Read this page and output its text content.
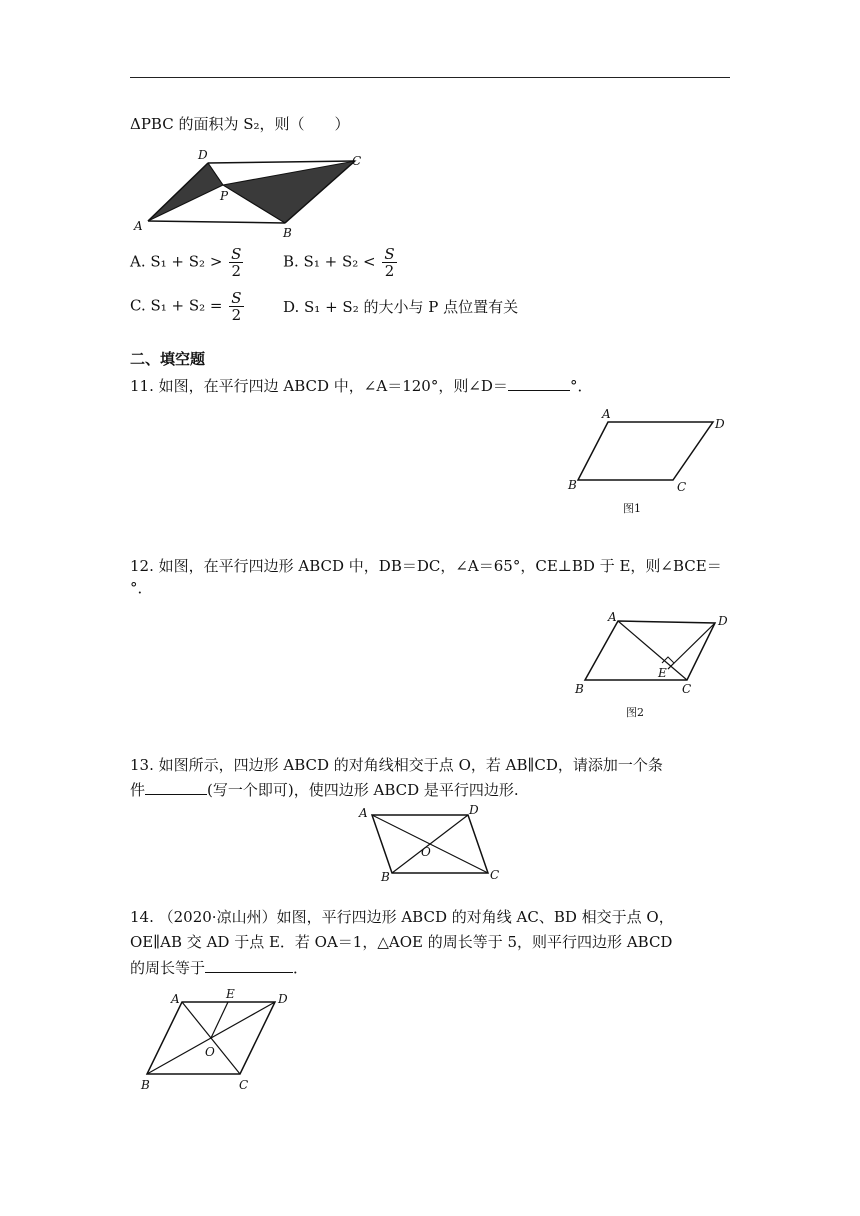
ΔPBC 的面积为 S₂，则（　　）
D	C
P
A	B
A. $S_1 + S_2 > \frac{S}{2}$	B. $S_1 + S_2 < \frac{S}{2}$
C. $S_1 + S_2 = \frac{S}{2}$	D. S₁ + S₂ 的大小与 P 点位置有关
二、填空题
11. 如图，在平行四边 ABCD 中，∠A＝120°，则∠D＝	°．
A
D
B	C
图1
12. 如图，在平行四边形 ABCD 中，DB＝DC，∠A＝65°，CE⊥BD 于 E，则∠BCE＝
°．
A	D
B
E
C
图2
13. 如图所示，四边形 ABCD 的对角线相交于点 O，若 AB∥CD，请添加一个条
件	(写一个即可)，使四边形 ABCD 是平行四边形.
A	D
O
B	C
14. （2020·凉山州）如图，平行四边形 ABCD 的对角线 AC、BD 相交于点 O，
OE∥AB 交 AD 于点 E．若 OA＝1，△AOE 的周长等于 5，则平行四边形 ABCD
的周长等于	．
A	E	D
O
B	C
